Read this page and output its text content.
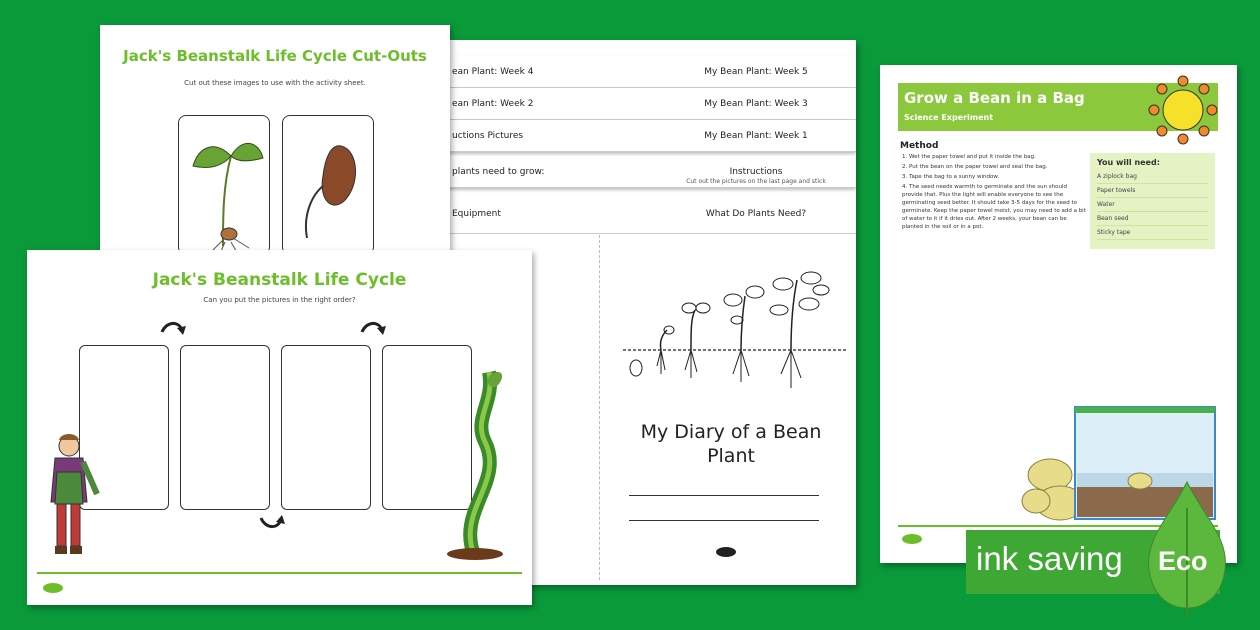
ean Plant: Week 4	My Bean Plant: Week 5
ean Plant: Week 2	My Bean Plant: Week 3
uctions Pictures	My Bean Plant: Week 1
plants need to grow:	Instructions
Cut out the pictures on the last page and stick
Equipment	What Do Plants Need?
My Diary of a Bean Plant
Jack's Beanstalk Life Cycle Cut-Outs
Cut out these images to use with the activity sheet.
Jack's Beanstalk Life Cycle
Can you put the pictures in the right order?
Grow a Bean in a Bag
Science Experiment
Method
1. Wet the paper towel and put it inside the bag.
2. Put the bean on the paper towel and seal the bag.
3. Tape the bag to a sunny window.
4. The seed needs warmth to germinate and the sun should provide that. Plus the light will enable everyone to see the germinating seed better. It should take 3-5 days for the seed to germinate. Keep the paper towel moist, you may need to add a bit of water to it if it dries out. After 2 weeks, your bean can be planted in the soil or in a pot.
You will need:
A ziplock bag
Paper towels
Water
Bean seed
Sticky tape
ink saving Eco
